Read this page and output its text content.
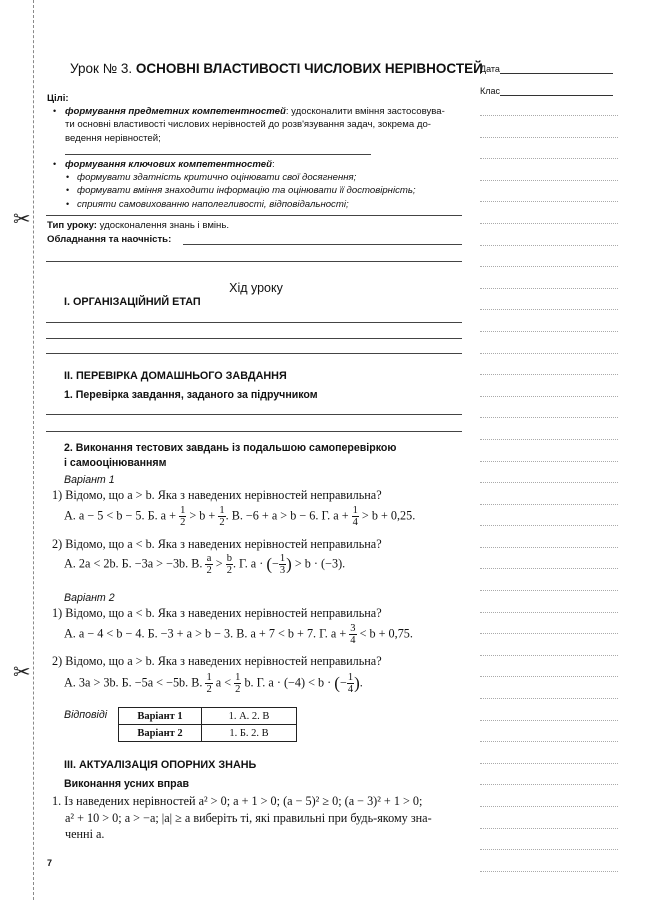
✂
✂
Дата
Клас
Урок № 3. ОСНОВНІ ВЛАСТИВОСТІ ЧИСЛОВИХ НЕРІВНОСТЕЙ
Цілі:
• формування предметних компетентностей: удосконалити вміння застосовува-
ти основні властивості числових нерівностей до розв'язування задач, зокрема до-
ведення нерівностей;
• формування ключових компетентностей:
• формувати здатність критично оцінювати свої досягнення;
• формувати вміння знаходити інформацію та оцінювати її достовірність;
• сприяти самовихованню наполегливості, відповідальності;
Тип уроку: удосконалення знань і вмінь.
Обладнання та наочність:
Хід уроку
I. ОРГАНІЗАЦІЙНИЙ ЕТАП
II. ПЕРЕВІРКА ДОМАШНЬОГО ЗАВДАННЯ
1. Перевірка завдання, заданого за підручником
2. Виконання тестових завдань із подальшою самоперевіркою
і самооцінюванням
Варіант 1
1) Відомо, що a > b. Яка з наведених нерівностей неправильна?
А. a − 5 < b − 5. Б. $a + \frac{1}{2} > b + \frac{1}{2}$ . В. −6 + a > b − 6. Г. $a + \frac{1}{4} > b + 0,25$.
2) Відомо, що a < b. Яка з наведених нерівностей неправильна?
А. 2a < 2b. Б. −3a > −3b. В. $\frac{a}{2} > \frac{b}{2}$ . Г. a · (− $\frac{1}{3}$ ) > b · (−3).
Варіант 2
1) Відомо, що a < b. Яка з наведених нерівностей неправильна?
А. a − 4 < b − 4. Б. −3 + a > b − 3. В. a + 7 < b + 7. Г. $a + \frac{3}{4} < b + 0,75$.
2) Відомо, що a > b. Яка з наведених нерівностей неправильна?
А. 3a > 3b. Б. −5a < −5b. В. $\frac{1}{2}$ $a < \frac{1}{2} b$. Г. a · (−4) < b · (− $\frac{1}{4}$ ).
Відповіді	Варіант 1	1. А. 2. В
Варіант 2	1. Б. 2. В
III. АКТУАЛІЗАЦІЯ ОПОРНИХ ЗНАНЬ
Виконання усних вправ
1. Із наведених нерівностей a² > 0; a + 1 > 0; (a − 5)² ≥ 0; (a − 3)² + 1 > 0;
a² + 10 > 0; a > −a; |a| ≥ a виберіть ті, які правильні при будь-якому зна-
ченні a.
7
